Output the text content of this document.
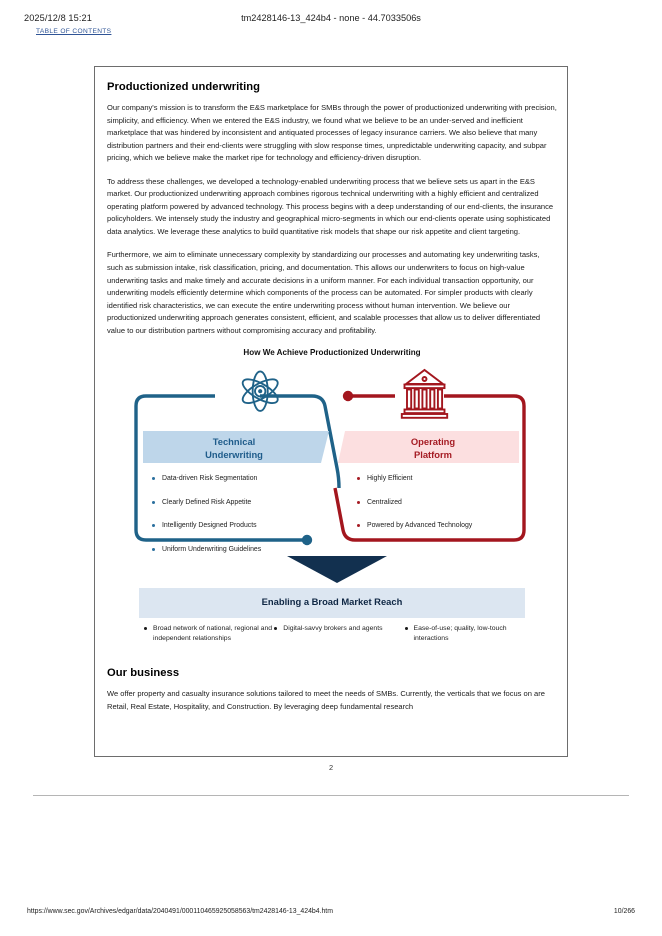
2025/12/8 15:21	tm2428146-13_424b4 - none - 44.7033506s
TABLE OF CONTENTS
Productionized underwriting

Our company's mission is to transform the E&S marketplace for SMBs through the power of productionized underwriting with precision, simplicity, and efficiency. When we entered the E&S industry, we found what we believe to be an under-served and inefficient marketplace that was hindered by inconsistent and antiquated processes of legacy insurance carriers. We also believe that many distribution partners and their end-clients were struggling with slow response times, unpredictable underwriting capacity, and subpar pricing, which we believe make the market ripe for technology and efficiency-driven disruption.

To address these challenges, we developed a technology-enabled underwriting process that we believe sets us apart in the E&S market. Our productionized underwriting approach combines rigorous technical underwriting with a highly efficient and centralized operating platform powered by advanced technology. This process begins with a deep understanding of our end-clients, the insurance policyholders. We intensely study the industry and geographical micro-segments in which our end-clients operate using sophisticated data analytics. We leverage these analytics to build quantitative risk models that shape our risk appetite and client targeting.

Furthermore, we aim to eliminate unnecessary complexity by standardizing our processes and automating key underwriting tasks, such as submission intake, risk classification, pricing, and documentation. This allows our underwriters to focus on high-value underwriting tasks and make timely and accurate decisions in a uniform manner. For each individual transaction opportunity, our underwriting models efficiently determine which components of the process can be automated. For simpler products with clearly identified risk characteristics, we can execute the entire underwriting process without human intervention. We believe our productionized underwriting approach generates consistent, efficient, and scalable processes that allow us to deliver differentiated value to our distribution partners without compromising accuracy and profitability.

How We Achieve Productionized Underwriting
Technical
Underwriting
Operating
Platform
Data-driven Risk Segmentation
Clearly Defined Risk Appetite
Intelligently Designed Products
Uniform Underwriting Guidelines
Highly Efficient
Centralized
Powered by Advanced Technology
Enabling a Broad Market Reach
Broad network of national, regional and independent relationships
Digital-savvy brokers and agents	Ease-of-use; quality, low-touch interactions
Our business

We offer property and casualty insurance solutions tailored to meet the needs of SMBs. Currently, the verticals that we focus on are Retail, Real Estate, Hospitality, and Construction. By leveraging deep fundamental research

2
https://www.sec.gov/Archives/edgar/data/2040491/000110465925058563/tm2428146-13_424b4.htm	10/266
